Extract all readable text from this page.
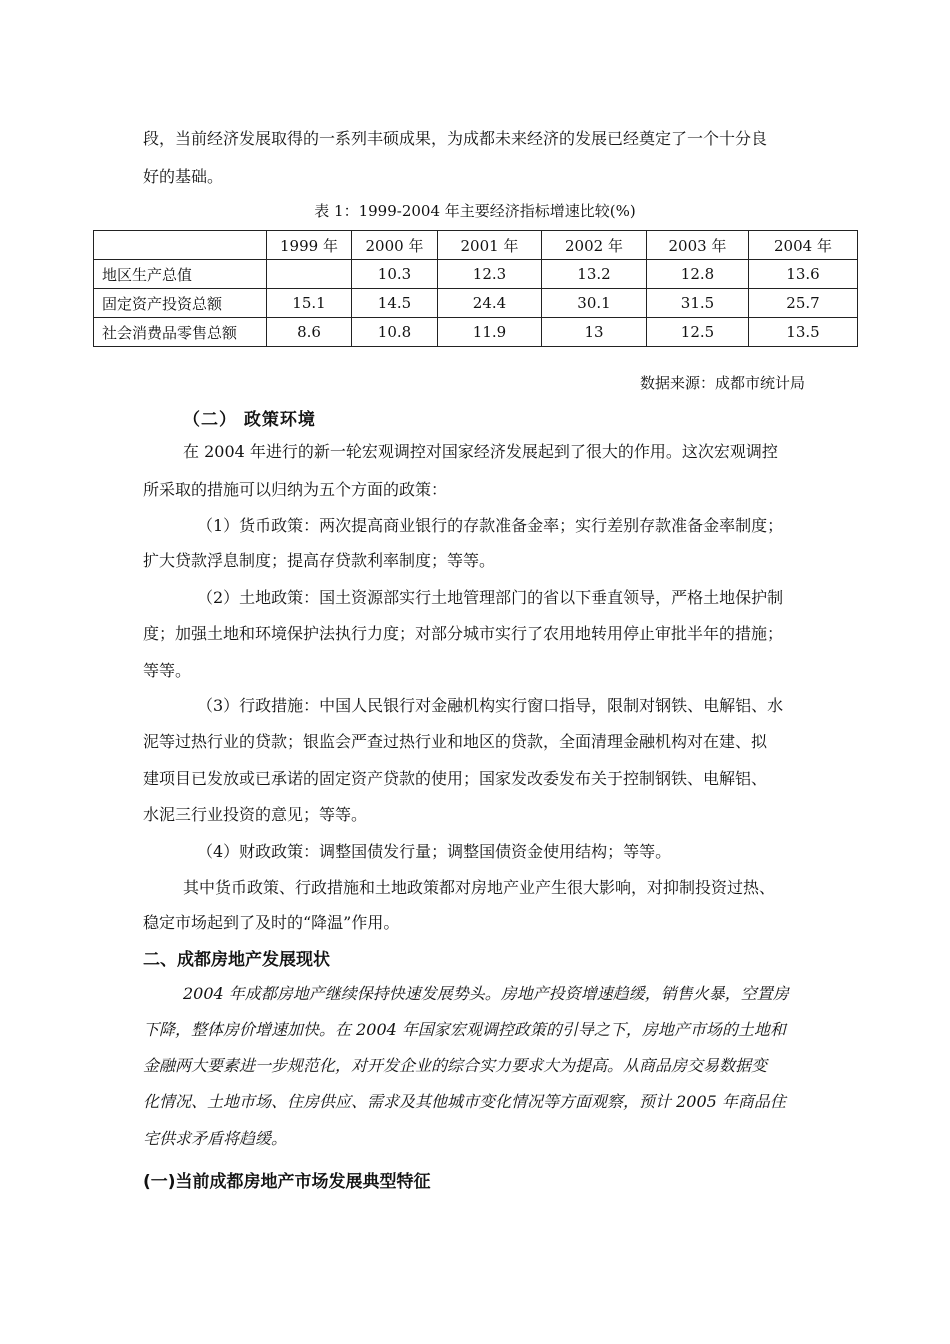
段，当前经济发展取得的一系列丰硕成果，为成都未来经济的发展已经奠定了一个十分良
好的基础。
表 1：1999-2004 年主要经济指标增速比较(%)
	1999 年	2000 年	2001 年	2002 年	2003 年	2004 年
地区生产总值		10.3	12.3	13.2	12.8	13.6
固定资产投资总额	15.1	14.5	24.4	30.1	31.5	25.7
社会消费品零售总额	8.6	10.8	11.9	13	12.5	13.5
数据来源：成都市统计局
（二） 政策环境
在 2004 年进行的新一轮宏观调控对国家经济发展起到了很大的作用。这次宏观调控
所采取的措施可以归纳为五个方面的政策：
（1）货币政策：两次提高商业银行的存款准备金率；实行差别存款准备金率制度；
扩大贷款浮息制度；提高存贷款利率制度；等等。
（2）土地政策：国土资源部实行土地管理部门的省以下垂直领导，严格土地保护制
度；加强土地和环境保护法执行力度；对部分城市实行了农用地转用停止审批半年的措施；
等等。
（3）行政措施：中国人民银行对金融机构实行窗口指导，限制对钢铁、电解铝、水
泥等过热行业的贷款；银监会严查过热行业和地区的贷款，全面清理金融机构对在建、拟
建项目已发放或已承诺的固定资产贷款的使用；国家发改委发布关于控制钢铁、电解铝、
水泥三行业投资的意见；等等。
（4）财政政策：调整国债发行量；调整国债资金使用结构；等等。
其中货币政策、行政措施和土地政策都对房地产业产生很大影响，对抑制投资过热、
稳定市场起到了及时的“降温”作用。
二、成都房地产发展现状
2004 年成都房地产继续保持快速发展势头。房地产投资增速趋缓，销售火暴，空置房
下降，整体房价增速加快。在 2004 年国家宏观调控政策的引导之下，房地产市场的土地和
金融两大要素进一步规范化，对开发企业的综合实力要求大为提高。从商品房交易数据变
化情况、土地市场、住房供应、需求及其他城市变化情况等方面观察，预计 2005 年商品住
宅供求矛盾将趋缓。
(一)当前成都房地产市场发展典型特征
